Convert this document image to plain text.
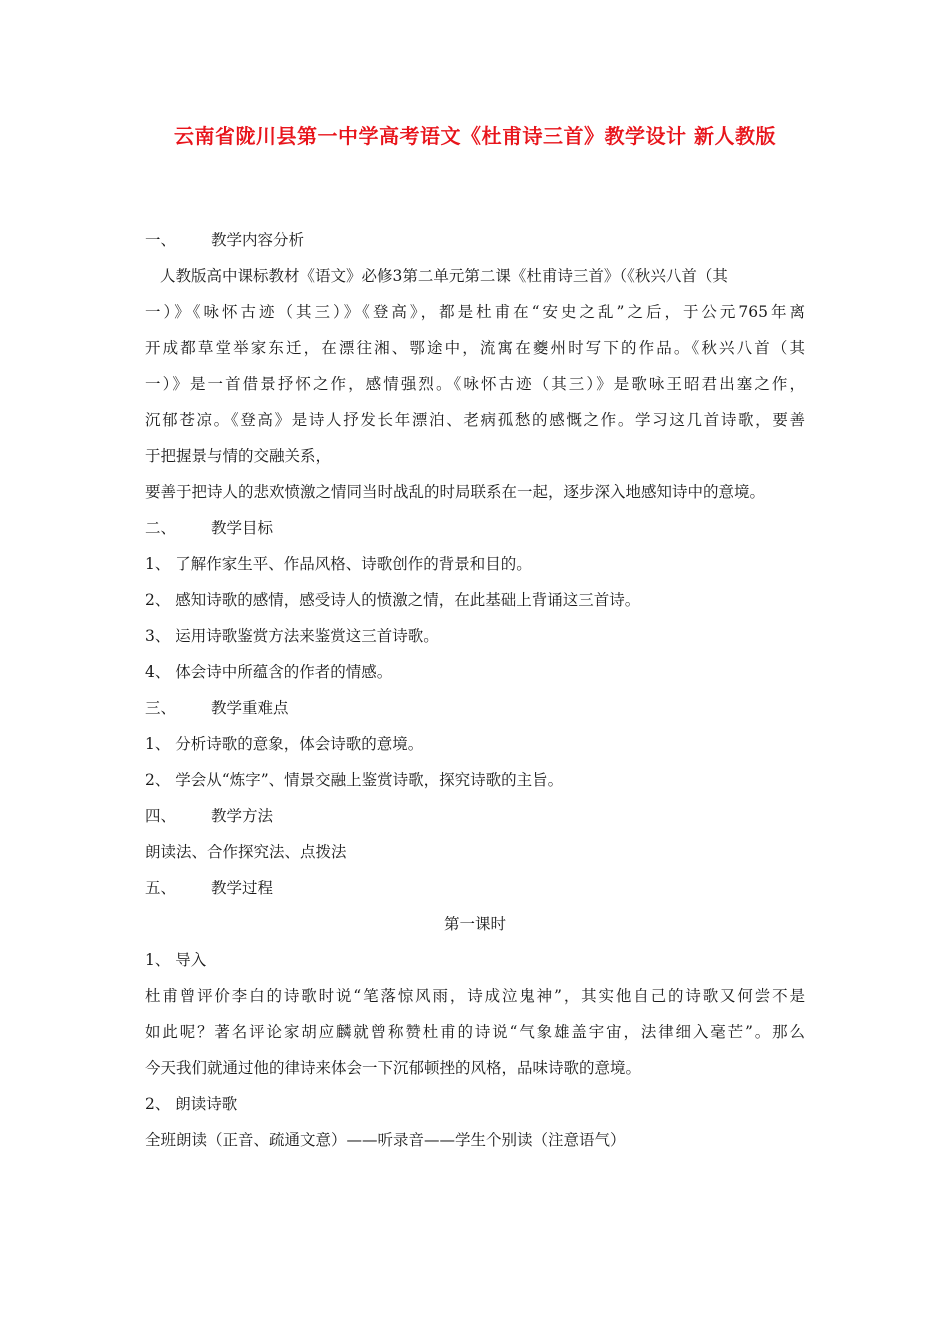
云南省陇川县第一中学高考语文《杜甫诗三首》教学设计 新人教版
一、 教学内容分析
人教版高中课标教材《语文》必修3第二单元第二课《杜甫诗三首》（《秋兴八首（其
一）》《咏怀古迹（其三）》《登高》，都是杜甫在“安史之乱”之后，于公元765年离
开成都草堂举家东迁，在漂往湘、鄂途中，流寓在夔州时写下的作品。《秋兴八首（其
一）》是一首借景抒怀之作，感情强烈。《咏怀古迹（其三）》是歌咏王昭君出塞之作，
沉郁苍凉。《登高》是诗人抒发长年漂泊、老病孤愁的感慨之作。学习这几首诗歌，要善
于把握景与情的交融关系，
要善于把诗人的悲欢愤激之情同当时战乱的时局联系在一起，逐步深入地感知诗中的意境。
二、 教学目标
1、 了解作家生平、作品风格、诗歌创作的背景和目的。
2、 感知诗歌的感情，感受诗人的愤激之情，在此基础上背诵这三首诗。
3、 运用诗歌鉴赏方法来鉴赏这三首诗歌。
4、 体会诗中所蕴含的作者的情感。
三、 教学重难点
1、 分析诗歌的意象，体会诗歌的意境。
2、 学会从“炼字”、情景交融上鉴赏诗歌，探究诗歌的主旨。
四、 教学方法
朗读法、合作探究法、点拨法
五、 教学过程
第一课时
1、 导入
杜甫曾评价李白的诗歌时说“笔落惊风雨，诗成泣鬼神”，其实他自己的诗歌又何尝不是
如此呢？著名评论家胡应麟就曾称赞杜甫的诗说“气象雄盖宇宙，法律细入毫芒”。那么
今天我们就通过他的律诗来体会一下沉郁顿挫的风格，品味诗歌的意境。
2、 朗读诗歌
全班朗读（正音、疏通文意）——听录音——学生个别读（注意语气）
